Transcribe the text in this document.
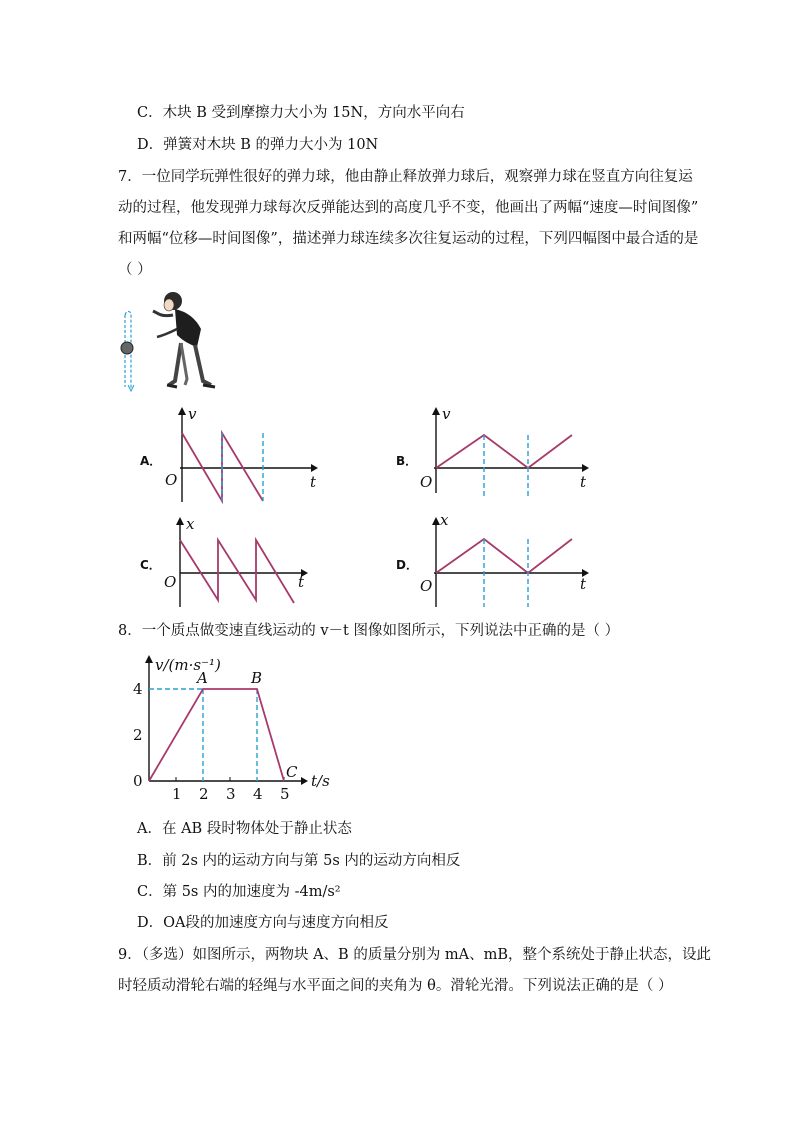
C．木块 B 受到摩擦力大小为 15N，方向水平向右
D．弹簧对木块 B 的弹力大小为 10N
7．一位同学玩弹性很好的弹力球，他由静止释放弹力球后，观察弹力球在竖直方向往复运
动的过程，他发现弹力球每次反弹能达到的高度几乎不变，他画出了两幅“速度—时间图像”
和两幅“位移—时间图像”，描述弹力球连续多次往复运动的过程，下列四幅图中最合适的是
（ ）
A．
v
O	t
B．
v
O	t
C．
x
O	t
D．
x
O	t
8．一个质点做变速直线运动的 v－t 图像如图所示，下列说法中正确的是（ ）
v/(m·s⁻¹)
t/s
1 2 3 4 5
0
2
4
A	B
C
A．在 AB 段时物体处于静止状态
B．前 2s 内的运动方向与第 5s 内的运动方向相反
C．第 5s 内的加速度为 -4m/s²
D．OA段的加速度方向与速度方向相反
9．（多选）如图所示，两物块 A、B 的质量分别为 mA、mB，整个系统处于静止状态，设此
时轻质动滑轮右端的轻绳与水平面之间的夹角为 θ。滑轮光滑。下列说法正确的是（ ）
